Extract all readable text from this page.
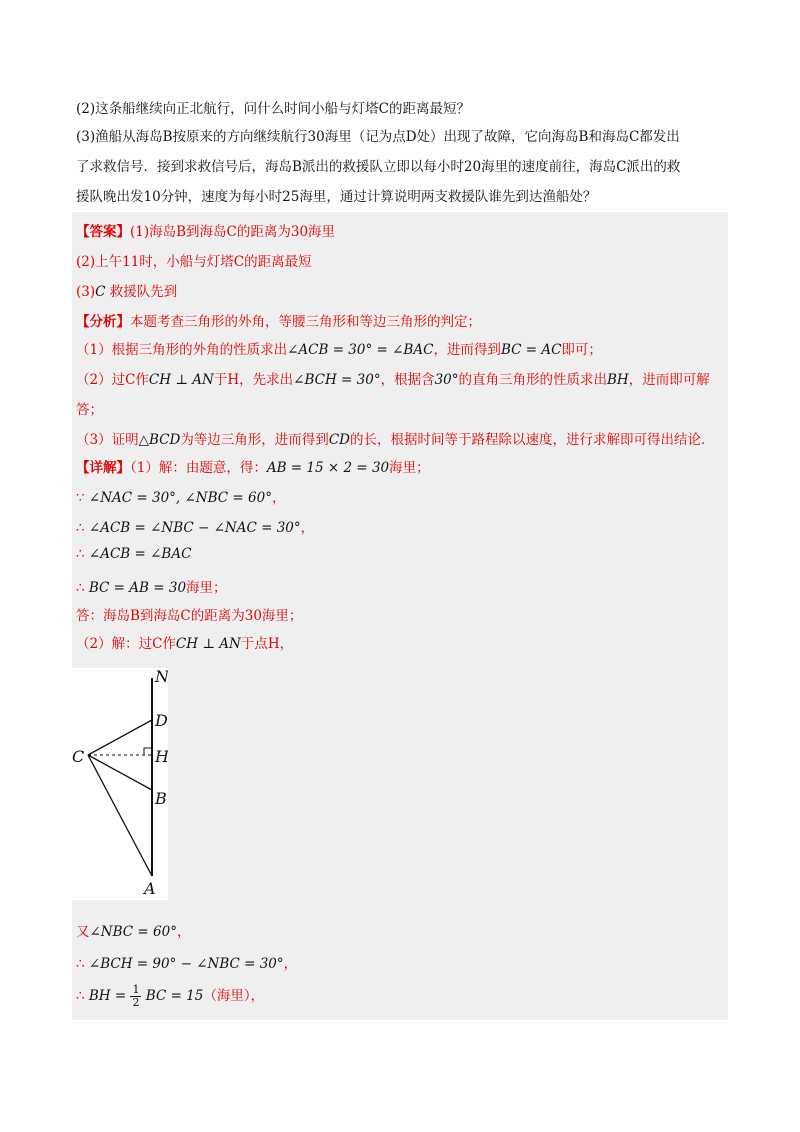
(2)这条船继续向正北航行，问什么时间小船与灯塔C的距离最短？
(3)渔船从海岛B按原来的方向继续航行30海里（记为点D处）出现了故障，它向海岛B和海岛C都发出
了求救信号．接到求救信号后，海岛B派出的救援队立即以每小时20海里的速度前往，海岛C派出的救
援队晚出发10分钟，速度为每小时25海里，通过计算说明两支救援队谁先到达渔船处？
【答案】(1)海岛B到海岛C的距离为30海里
(2)上午11时，小船与灯塔C的距离最短
(3)C 救援队先到
【分析】本题考查三角形的外角，等腰三角形和等边三角形的判定；
（1）根据三角形的外角的性质求出∠ACB = 30° = ∠BAC，进而得到BC = AC即可；
（2）过C作CH ⊥ AN于H，先求出∠BCH = 30°，根据含30°的直角三角形的性质求出BH，进而即可解
答；
（3）证明△BCD为等边三角形，进而得到CD的长，根据时间等于路程除以速度，进行求解即可得出结论．
【详解】（1）解：由题意，得：AB = 15 × 2 = 30海里；
∵ ∠NAC = 30°, ∠NBC = 60°，
∴ ∠ACB = ∠NBC − ∠NAC = 30°，
∴ ∠ACB = ∠BAC
∴ BC = AB = 30海里；
答：海岛B到海岛C的距离为30海里；
（2）解：过C作CH ⊥ AN于点H，
又∠NBC = 60°，
∴ ∠BCH = 90° − ∠NBC = 30°，
∴ BH = $\frac{1}{2}$ BC = 15（海里），
N
D
H
B
A
C
